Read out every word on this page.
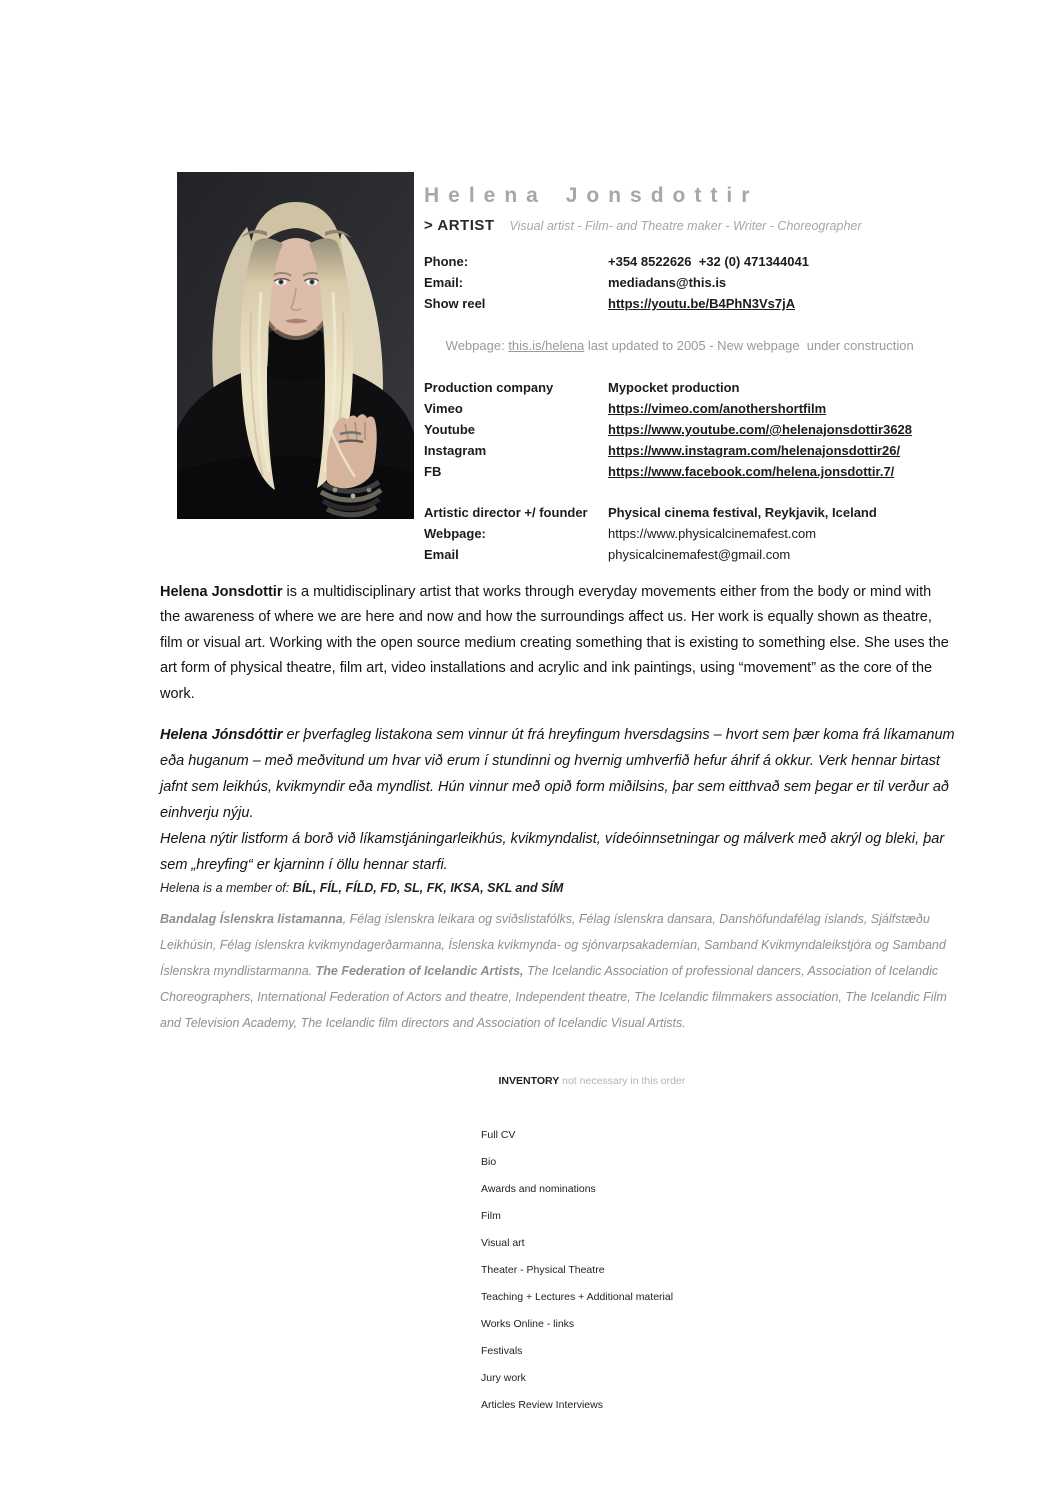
Helena Jonsdottir
> ARTIST Visual artist - Film- and Theatre maker - Writer - Choreographer
Phone:	+354 8522626  +32 (0) 471344041
Email:	mediadans@this.is
Show reel	https://youtu.be/B4PhN3Vs7jA

Webpage: this.is/helena last updated to 2005 - New webpage  under construction

Production company	Mypocket production
Vimeo	https://vimeo.com/anothershortfilm
Youtube	https://www.youtube.com/@helenajonsdottir3628
Instagram	https://www.instagram.com/helenajonsdottir26/
FB	https://www.facebook.com/helena.jonsdottir.7/
Artistic director +/ founder	Physical cinema festival, Reykjavik, Iceland
Webpage:	https://www.physicalcinemafest.com
Email	physicalcinemafest@gmail.com

Helena Jonsdottir is a multidisciplinary artist that works through everyday movements either from the body or mind with the awareness of where we are here and now and how the surroundings affect us. Her work is equally shown as theatre, film or visual art. Working with the open source medium creating something that is existing to something else. She uses the art form of physical theatre, film art, video installations and acrylic and ink paintings, using “movement” as the core of the work.

Helena Jónsdóttir er þverfagleg listakona sem vinnur út frá hreyfingum hversdagsins – hvort sem þær koma frá líkamanum eða huganum – með meðvitund um hvar við erum í stundinni og hvernig umhverfið hefur áhrif á okkur. Verk hennar birtast jafnt sem leikhús, kvikmyndir eða myndlist. Hún vinnur með opið form miðilsins, þar sem eitthvað sem þegar er til verður að einhverju nýju.
Helena nýtir listform á borð við líkamstjáningarleikhús, kvikmyndalist, vídeóinnsetningar og málverk með akrýl og bleki, þar sem „hreyfing“ er kjarninn í öllu hennar starfi.

Helena is a member of: BÍL, FÍL, FÍLD, FD, SL, FK, IKSA, SKL and SÍM
Bandalag Íslenskra listamanna, Félag íslenskra leikara og sviðslistafólks, Félag íslenskra dansara, Danshöfundafélag íslands, Sjálfstæðu Leikhúsin, Félag íslenskra kvikmyndagerðarmanna, Íslenska kvikmynda- og sjónvarpsakademían, Samband Kvikmyndaleikstjóra og Samband Íslenskra myndlistarmanna. The Federation of Icelandic Artists, The Icelandic Association of professional dancers, Association of Icelandic Choreographers, International Federation of Actors and theatre, Independent theatre, The Icelandic filmmakers association, The Icelandic Film and Television Academy, The Icelandic film directors and Association of Icelandic Visual Artists.

INVENTORY not necessary in this order

Full CV
Bio
Awards and nominations
Film
Visual art
Theater - Physical Theatre
Teaching + Lectures + Additional material
Works Online - links
Festivals
Jury work
Articles Review Interviews
